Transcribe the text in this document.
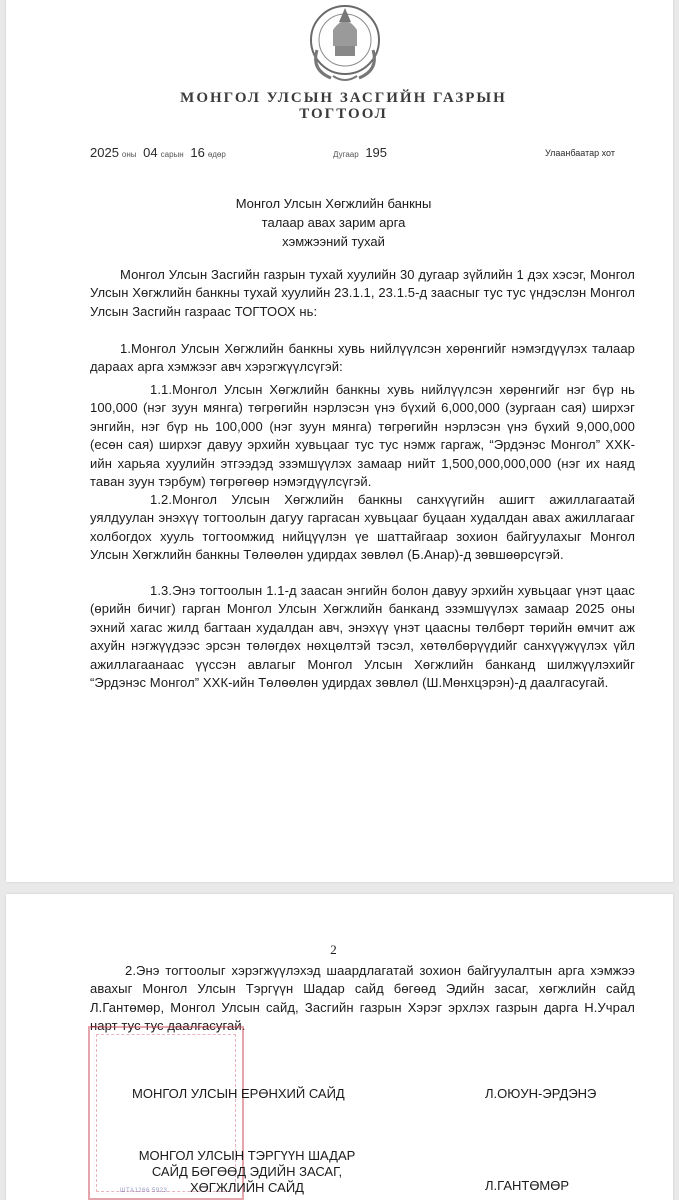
МОНГОЛ УЛСЫН ЗАСГИЙН ГАЗРЫН
ТОГТООЛ
2025 оны 04 сарын 16 өдөр	Дугаар 195	Улаанбаатар хот
Монгол Улсын Хөгжлийн банкны
талаар авах зарим арга
хэмжээний тухай
Монгол Улсын Засгийн газрын тухай хуулийн 30 дугаар зүйлийн 1 дэх хэсэг, Монгол Улсын Хөгжлийн банкны тухай хуулийн 23.1.1, 23.1.5-д заасныг тус тус үндэслэн Монгол Улсын Засгийн газраас ТОГТООХ нь:
1.Монгол Улсын Хөгжлийн банкны хувь нийлүүлсэн хөрөнгийг нэмэгдүүлэх талаар дараах арга хэмжээг авч хэрэгжүүлсүгэй:
1.1.Монгол Улсын Хөгжлийн банкны хувь нийлүүлсэн хөрөнгийг нэг бүр нь 100,000 (нэг зуун мянга) төгрөгийн нэрлэсэн үнэ бүхий 6,000,000 (зургаан сая) ширхэг энгийн, нэг бүр нь 100,000 (нэг зуун мянга) төгрөгийн нэрлэсэн үнэ бүхий 9,000,000 (есөн сая) ширхэг давуу эрхийн хувьцааг тус тус нэмж гаргаж, “Эрдэнэс Монгол” ХХК-ийн харьяа хуулийн этгээдэд эзэмшүүлэх замаар нийт 1,500,000,000,000 (нэг их наяд таван зуун тэрбум) төгрөгөөр нэмэгдүүлсүгэй.
1.2.Монгол Улсын Хөгжлийн банкны санхүүгийн ашигт ажиллагаатай уялдуулан энэхүү тогтоолын дагуу гаргасан хувьцааг буцаан худалдан авах ажиллагааг холбогдох хууль тогтоомжид нийцүүлэн үе шаттайгаар зохион байгуулахыг Монгол Улсын Хөгжлийн банкны Төлөөлөн удирдах зөвлөл (Б.Анар)-д зөвшөөрсүгэй.
1.3.Энэ тогтоолын 1.1-д заасан энгийн болон давуу эрхийн хувьцааг үнэт цаас (өрийн бичиг) гарган Монгол Улсын Хөгжлийн банканд эзэмшүүлэх замаар 2025 оны эхний хагас жилд багтаан худалдан авч, энэхүү үнэт цаасны төлбөрт төрийн өмчит аж ахуйн нэгжүүдээс эрсэн төлөгдөх нөхцөлтэй тэсэл, хөтөлбөрүүдийг санхүүжүүлэх үйл ажиллагаанаас үүссэн авлагыг Монгол Улсын Хөгжлийн банканд шилжүүлэхийг “Эрдэнэс Монгол” ХХК-ийн Төлөөлөн удирдах зөвлөл (Ш.Мөнхцэрэн)-д даалгасугай.
2
2.Энэ тогтоолыг хэрэгжүүлэхэд шаардлагатай зохион байгуулалтын арга хэмжээ авахыг Монгол Улсын Тэргүүн Шадар сайд бөгөөд Эдийн засаг, хөгжлийн сайд Л.Гантөмөр, Монгол Улсын сайд, Засгийн газрын Хэрэг эрхлэх газрын дарга Н.Учрал нарт тус тус даалгасугай.
ШТА1266 5923
МОНГОЛ УЛСЫН ЕРӨНХИЙ САЙД	Л.ОЮУН-ЭРДЭНЭ
МОНГОЛ УЛСЫН ТЭРГҮҮН ШАДАР
САЙД БӨГӨӨД ЭДИЙН ЗАСАГ,
ХӨГЖЛИЙН САЙД	Л.ГАНТӨМӨР
